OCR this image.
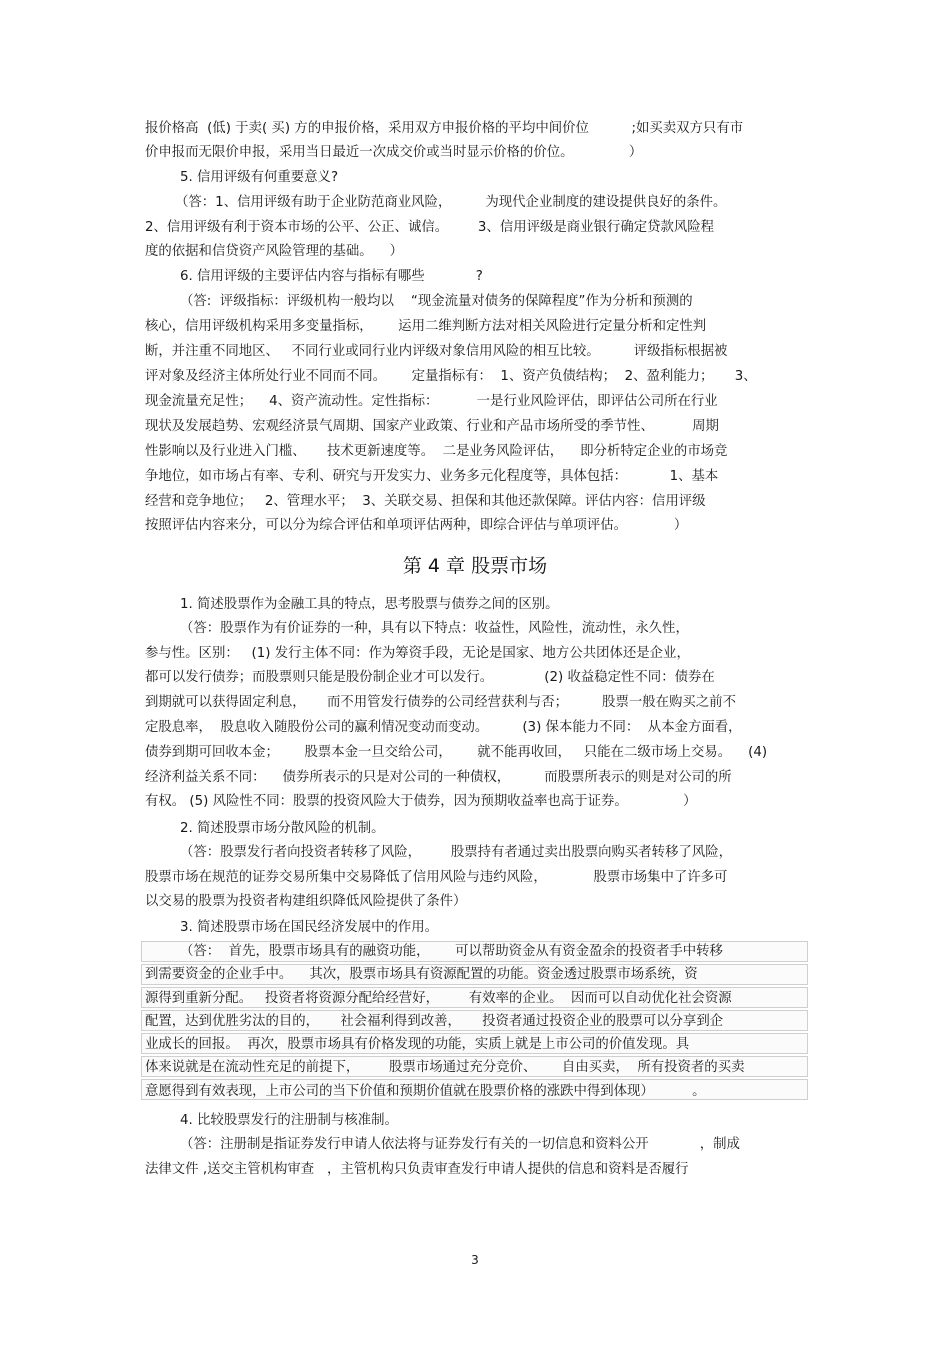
报价格高  (低) 于卖( 买) 方的申报价格，采用双方申报价格的平均中间价位          ;如买卖双方只有市
价申报而无限价申报，采用当日最近一次成交价或当时显示价格的价位。             ）
5. 信用评级有何重要意义?
（答：1、信用评级有助于企业防范商业风险，        为现代企业制度的建设提供良好的条件。
2、信用评级有利于资本市场的公平、公正、诚信。       3、信用评级是商业银行确定贷款风险程
度的依据和信贷资产风险管理的基础。    ）
6. 信用评级的主要评估内容与指标有哪些            ?
（答:  评级指标：评级机构一般均以    “现金流量对债务的保障程度”作为分析和预测的
核心，信用评级机构采用多变量指标，      运用二维判断方法对相关风险进行定量分析和定性判
断，并注重不同地区、   不同行业或同行业内评级对象信用风险的相互比较。        评级指标根据被
评对象及经济主体所处行业不同而不同。      定量指标有：  1、资产负债结构；  2、盈利能力；     3、
现金流量充足性；    4、资产流动性。定性指标：         一是行业风险评估，即评估公司所在行业
现状及发展趋势、宏观经济景气周期、国家产业政策、行业和产品市场所受的季节性、         周期
性影响以及行业进入门槛、     技术更新速度等。  二是业务风险评估，    即分析特定企业的市场竞
争地位，如市场占有率、专利、研究与开发实力、业务多元化程度等，具体包括：          1、基本
经营和竞争地位；   2、管理水平；  3、关联交易、担保和其他还款保障。评估内容：信用评级
按照评估内容来分，可以分为综合评估和单项评估两种，即综合评估与单项评估。           ）
第 4 章 股票市场
1. 简述股票作为金融工具的特点，思考股票与债券之间的区别。
（答：股票作为有价证券的一种，具有以下特点：收益性，风险性，流动性，永久性，
参与性。区别：   (1) 发行主体不同：作为筹资手段，无论是国家、地方公共团体还是企业，
都可以发行债券；而股票则只能是股份制企业才可以发行。            (2) 收益稳定性不同：债券在
到期就可以获得固定利息，     而不用管发行债券的公司经营获利与否；        股票一般在购买之前不
定股息率，  股息收入随股份公司的赢利情况变动而变动。        (3) 保本能力不同：  从本金方面看，
债券到期可回收本金；      股票本金一旦交给公司，      就不能再收回，   只能在二级市场上交易。    (4)
经济利益关系不同：    债券所表示的只是对公司的一种债权，        而股票所表示的则是对公司的所
有权。 (5) 风险性不同：股票的投资风险大于债券，因为预期收益率也高于证券。             ）
2. 简述股票市场分散风险的机制。
（答：股票发行者向投资者转移了风险，       股票持有者通过卖出股票向购买者转移了风险，
股票市场在规范的证券交易所集中交易降低了信用风险与违约风险，           股票市场集中了许多可
以交易的股票为投资者构建组织降低风险提供了条件）
3. 简述股票市场在国民经济发展中的作用。
（答：  首先，股票市场具有的融资功能，      可以帮助资金从有资金盈余的投资者手中转移
到需要资金的企业手中。    其次，股票市场具有资源配置的功能。资金透过股票市场系统，资
源得到重新分配。   投资者将资源分配给经营好，       有效率的企业。  因而可以自动优化社会资源
配置，达到优胜劣汰的目的，     社会福利得到改善，     投资者通过投资企业的股票可以分享到企
业成长的回报。  再次，股票市场具有价格发现的功能，实质上就是上市公司的价值发现。具
体来说就是在流动性充足的前提下，       股票市场通过充分竞价、      自由买卖，  所有投资者的买卖
意愿得到有效表现，上市公司的当下价值和预期价值就在股票价格的涨跌中得到体现）         。
4. 比较股票发行的注册制与核准制。
（答：注册制是指证券发行申请人依法将与证券发行有关的一切信息和资料公开            ，制成
法律文件 ,送交主管机构审查   ，主管机构只负责审查发行申请人提供的信息和资料是否履行
3
